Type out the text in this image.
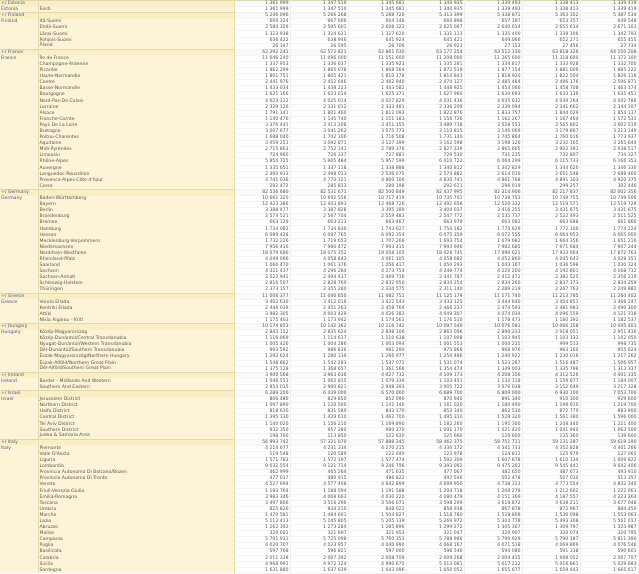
+/ Estonia		1 361 999	1 347 510	1 345 681	1 340 935	1 339 493	1 338 413	1 339 419
Estonia	Eesti	1 361 999	1 347 510	1 345 681	1 340 935	1 339 493	1 338 413	1 339 419
+/ Finland		5 246 096	5 266 268	5 288 720	5 313 399	5 338 871	5 363 352	5 387 534
Finland	Itä-Suomi	669 324	667 006	664 148	660 898	657 187	653 357	649 548
	Etelä-Suomi	2 580 359	2 595 601	2 608 322	2 625 067	2 640 014	2 655 614	2 671 103
	Länsi-Suomi	1 323 938	1 324 621	1 327 620	1 331 113	1 335 400	1 339 106	1 342 793
	Pohjois-Suomi	636 422	638 946	641 924	645 421	649 066	652 271	655 455
	Åland	26 347	26 595	26 706	26 923	27 153	27 456	27 734
+/ France		62 292 241	62 572 821	62 861 030	63 177 254	63 512 130	63 818 326	64 150 208
France	Île de France	11 046 240	11 096 000	11 151 600	11 208 000	11 265 600	11 318 600	11 372 100
	Champagne-Ardenne	1 337 953	1 336 637	1 335 923	1 335 281	1 334 817	1 333 928	1 332 700
	Picardie	1 862 299	1 865 078	1 868 564	1 872 519	1 877 154	1 881 006	1 885 222
	Haute-Normandie	1 801 751	1 805 421	1 810 178	1 814 843	1 818 920	1 822 504	1 826 116
	Centre	2 441 976	2 452 046	2 462 940	2 474 127	2 485 484	2 496 176	2 506 871
	Basse-Normandie	1 433 034	1 438 223	1 443 582	1 448 925	1 454 066	1 458 708	1 463 174
	Bourgogne	1 621 166	1 623 014	1 625 371	1 627 960	1 630 693	1 633 136	1 635 451
	Nord-Pas-De-Calais	4 023 312	4 025 014	4 027 829	4 031 436	4 035 632	4 039 264	4 042 788
	Lorraine	2 329 126	2 331 012	2 333 481	2 336 209	2 339 094	2 341 662	2 344 107
	Alsace	1 791 141	1 801 460	1 812 093	1 822 876	1 833 757	1 844 029	1 854 137
	Franche-Comte	1 140 476	1 145 740	1 151 183	1 156 726	1 162 267	1 167 464	1 172 531
	Pays De La Loire	3 376 441	3 413 208	3 451 155	3 489 718	3 528 553	3 565 802	3 602 519
	Bretagne	3 007 677	3 041 262	3 075 773	3 110 815	3 146 069	3 179 867	3 213 149
	Poitou-Charentes	1 688 040	1 702 106	1 716 508	1 731 140	1 745 864	1 760 016	1 773 937
	Aquitaine	3 059 251	3 092 871	3 127 399	3 162 598	3 198 126	3 232 165	3 265 644
	Midi-Pyrénées	2 715 863	2 752 141	2 789 376	2 827 339	2 865 665	2 902 391	2 938 517
	Limousin	724 960	726 337	727 881	729 530	731 235	732 807	734 327
	Rhône-Alpes	5 854 725	5 905 484	5 957 599	6 010 722	6 064 299	6 115 733	6 166 353
	Auvergne	1 335 651	1 337 118	1 338 888	1 340 812	1 342 829	1 344 620	1 346 330
	Languedoc-Roussillon	2 460 933	2 498 013	2 536 075	2 574 882	2 614 016	2 651 548	2 688 460
	Provence-Alpes-Côte d'Azur	4 741 036	4 770 121	4 800 106	4 830 741	4 861 768	4 891 303	4 920 375
	Corse	282 472	285 813	289 198	292 611	296 019	299 257	302 446
+/ Germany		82 536 680	82 531 671	82 500 849	82 437 995	82 314 906	82 217 837	82 002 356
Germany	Baden-Württemberg	10 661 320	10 692 556	10 717 419	10 735 701	10 738 753	10 749 755	10 749 506
	Bayern	12 423 386	12 443 893	12 468 726	12 492 658	12 520 332	12 519 571	12 519 728
	Berlin	3 388 477	3 387 828	3 395 189	3 404 037	3 416 255	3 431 675	3 431 675
	Brandenburg	2 574 521	2 567 704	2 559 483	2 547 772	2 535 737	2 522 493	2 511 525
	Bremen	663 129	663 213	663 467	663 979	663 082	663 688	661 866
	Hamburg	1 734 083	1 734 830	1 743 627	1 754 182	1 770 629	1 772 100	1 774 224
	Hessen	6 089 428	6 097 765	6 092 354	6 075 359	6 072 555	6 064 953	6 065 000
	Mecklenburg-Vorpommern	1 732 226	1 719 653	1 707 266	1 693 754	1 679 682	1 664 356	1 651 216
	Niedersachsen	7 956 416	7 980 472	7 993 415	7 993 946	7 982 685	7 971 684	7 947 244
	Nordrhein-Westfalen	18 079 686	18 075 352	18 058 105	18 028 745	17 996 621	17 933 064	17 872 763
	Rheinland-Pfalz	4 049 066	4 058 843	4 061 105	4 058 682	4 052 860	4 045 643	4 028 351
	Saarland	1 066 470	1 061 376	1 056 417	1 050 293	1 043 167	1 036 598	1 030 324
	Sachsen	4 321 437	4 296 284	4 273 754	4 249 774	4 220 200	4 192 801	4 168 732
	Sachsen-Anhalt	2 522 941	2 494 437	2 469 716	2 441 787	2 412 472	2 382 525	2 356 219
	Schleswig-Holstein	2 816 507	2 828 760	2 832 950	2 834 254	2 834 260	2 837 373	2 834 259
	Thüringen	2 373 157	2 355 280	2 334 575	2 311 140	2 289 219	2 267 763	2 249 882
+/ Greece		11 006 377	11 040 650	11 082 751	11 125 179	11 171 740	11 213 785	11 260 402
Greece	Voreia Ellada	3 402 630	3 412 016	3 422 543	3 433 125	3 444 640	3 454 851	3 466 247
	Kentriki Ellada	2 446 039	2 451 263	2 458 764	2 466 237	2 474 593	2 481 983	2 490 300
	Attiki	3 982 305	4 003 429	4 026 383	4 049 307	4 074 034	4 096 559	4 121 318
	Nisia Aigaiou - Kriti	1 175 403	1 173 942	1 174 561	1 176 510	1 178 473	1 180 392	1 182 537
+/ Hungary		10 174 853	10 142 362	10 116 742	10 097 549	10 076 581	10 066 158	10 045 401
Hungary	Közép-Magyarország	2 843 152	2 835 624	2 838 106	2 863 096	2 890 233	2 918 051	2 951 436
	Közép-Dunántúl/Central Transdanubia	1 116 069	1 114 617	1 110 638	1 107 008	1 103 945	1 103 133	1 102 050
	Nyugat-Dunántúl/Western Transdanubia	1 005 426	1 004 286	1 003 094	1 001 553	1 000 215	999 513	998 735
	Dél-Dunántúl/Southern Transdanubia	993 592	986 836	981 290	975 866	968 976	963 160	955 624
	Észak-Magyarország/Northern Hungary	1 292 624	1 280 139	1 266 977	1 254 486	1 240 922	1 230 016	1 217 262
	Észak-Alföld/Northern Great Plain	1 548 862	1 542 283	1 537 071	1 531 074	1 523 287	1 516 487	1 506 957
	Dél-Alföld/Southern Great Plain	1 375 128	1 368 657	1 361 566	1 354 474	1 349 003	1 335 798	1 313 337
+/ Ireland		3 900 568	3 963 636	4 027 732	4 109 173	4 208 156	4 312 526	4 401 335
Ireland	Border - Midlands And Western	1 046 553	1 062 815	1 079 339	1 103 451	1 132 118	1 159 877	1 184 007
	Southern And Eastern	2 854 015	2 900 821	2 948 393	3 005 722	3 076 038	3 152 649	3 217 328
+/ Israel		6 289 200	6 439 000	6 570 000	6 689 700	6 809 000	6 930 100	7 053 700
Israel	Jerusalem District	806 480	829 850	852 090	870 940	891 340	910 300	929 600
	Northern District	1 097 890	1 120 500	1 141 140	1 161 020	1 180 490	1 199 910	1 219 700
	Haifa District	818 630	831 580	843 170	853 340	862 530	872 770	883 900
	Central District	1 395 130	1 429 610	1 462 700	1 495 310	1 528 320	1 561 380	1 596 000
	Tel Aviv District	1 140 020	1 156 210	1 169 890	1 182 260	1 195 300	1 208 440	1 221 400
	Southern District	932 350	957 380	980 370	1 001 170	1 021 420	1 041 940	1 063 500
	Judea & Samaria Area	198 700	113 850	122 630	125 660	129 600	135 360	139 600
+/ Italy		56 993 742	57 321 070	57 888 245	58 462 375	58 751 711	59 131 287	59 619 290
Italy	Piemonte	4 214 677	4 231 334	4 270 215	4 330 172	4 341 733	4 352 828	4 401 266
	Valle D'Aosta	119 548	120 589	122 040	123 978	124 812	125 979	127 065
	Liguria	1 571 783	1 572 197	1 577 474	1 592 309	1 607 878	1 610 134	1 609 822
	Lombardia	9 032 554	9 121 714	9 246 796	9 393 092	9 475 202	9 545 441	9 642 406
	Provincia Autonoma Di Bolzano/Bozen	462 999	465 264	471 635	477 067	482 650	487 673	493 910
	Provincia Autonoma Di Trento	477 017	480 915	486 822	497 546	502 478	507 030	513 357
	Veneto	4 527 694	4 577 408	4 642 899	4 699 950	4 738 313	4 773 554	4 832 340
	Friuli-Venezia Giulia	1 183 764	1 188 594	1 191 588	1 204 718	1 208 278	1 212 602	1 222 061
	Emilia-Romagna	3 983 346	4 008 663	4 030 220	4 080 479	4 151 369	4 187 557	4 223 264
	Toscana	3 497 806	3 516 296	3 566 071	3 598 269	3 619 872	3 638 211	3 677 048
	Umbria	825 826	834 210	848 022	858 938	867 878	872 967	884 450
	Marche	1 470 581	1 484 601	1 504 827	1 518 780	1 528 809	1 536 098	1 553 063
	Lazio	5 112 413	5 145 805	5 205 139	5 269 972	5 304 778	5 493 308	5 561 017
	Abruzzo	1 262 392	1 273 284	1 285 896	1 299 272	1 305 307	1 309 797	1 323 987
	Molise	320 601	321 697	321 953	321 047	320 907	320 074	320 795
	Campania	5 701 931	5 725 098	5 760 353	5 788 986	5 790 929	5 790 187	5 811 390
	Puglia	4 020 707	4 023 957	4 040 990	4 068 167	4 071 518	4 069 869	4 076 546
	Basilicata	597 768	596 821	597 000	596 546	594 086	591 338	590 601
	Calabria	2 011 338	2 007 392	2 008 709	2 009 268	2 004 415	1 998 052	2 007 707
	Sicilia	4 968 991	4 972 124	4 990 675	5 013 081	5 017 212	5 016 861	5 029 683
	Sardegna	1 631 880	1 637 639	1 643 096	1 650 052	1 655 677	1 659 443	1 665 617
